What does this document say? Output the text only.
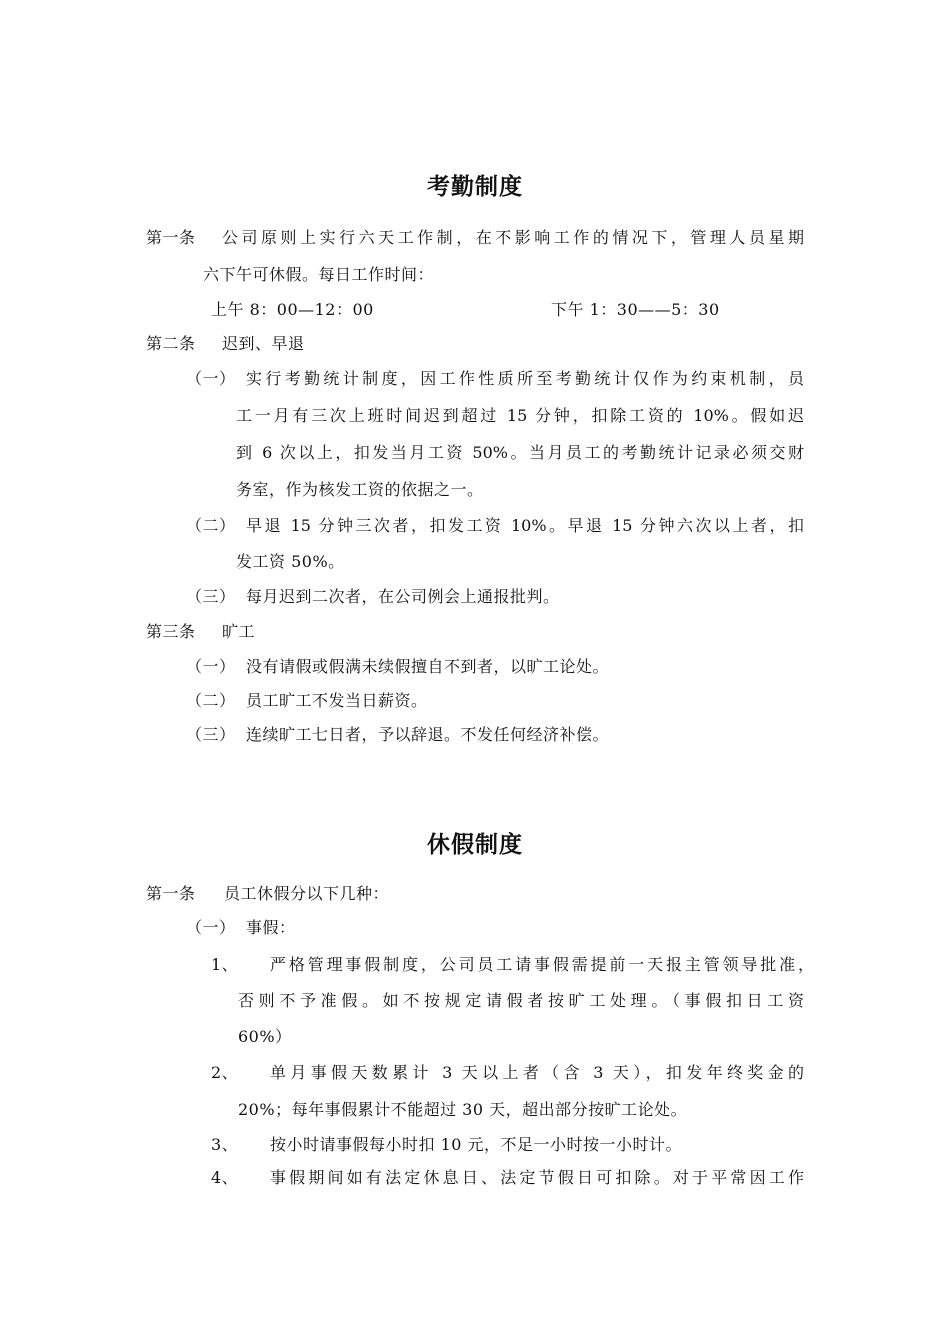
考勤制度
第一条 公司原则上实行六天工作制，在不影响工作的情况下，管理人员星期
六下午可休假。每日工作时间：
上午 8：00—12：00	下午 1：30——5：30
第二条 迟到、早退
（一） 实行考勤统计制度，因工作性质所至考勤统计仅作为约束机制，员
工一月有三次上班时间迟到超过 15 分钟，扣除工资的 10%。假如迟
到 6 次以上，扣发当月工资 50%。当月员工的考勤统计记录必须交财
务室，作为核发工资的依据之一。
（二） 早退 15 分钟三次者，扣发工资 10%。早退 15 分钟六次以上者，扣
发工资 50%。
（三） 每月迟到二次者，在公司例会上通报批判。
第三条 旷工
（一） 没有请假或假满未续假擅自不到者，以旷工论处。
（二） 员工旷工不发当日薪资。
（三） 连续旷工七日者，予以辞退。不发任何经济补偿。
休假制度
第一条 员工休假分以下几种：
（一） 事假：
1、 严格管理事假制度，公司员工请事假需提前一天报主管领导批准，
否则不予准假。如不按规定请假者按旷工处理。（事假扣日工资
60%）
2、 单月事假天数累计 3 天以上者（含 3 天），扣发年终奖金的
20%；每年事假累计不能超过 30 天，超出部分按旷工论处。
3、 按小时请事假每小时扣 10 元，不足一小时按一小时计。
4、 事假期间如有法定休息日、法定节假日可扣除。对于平常因工作
